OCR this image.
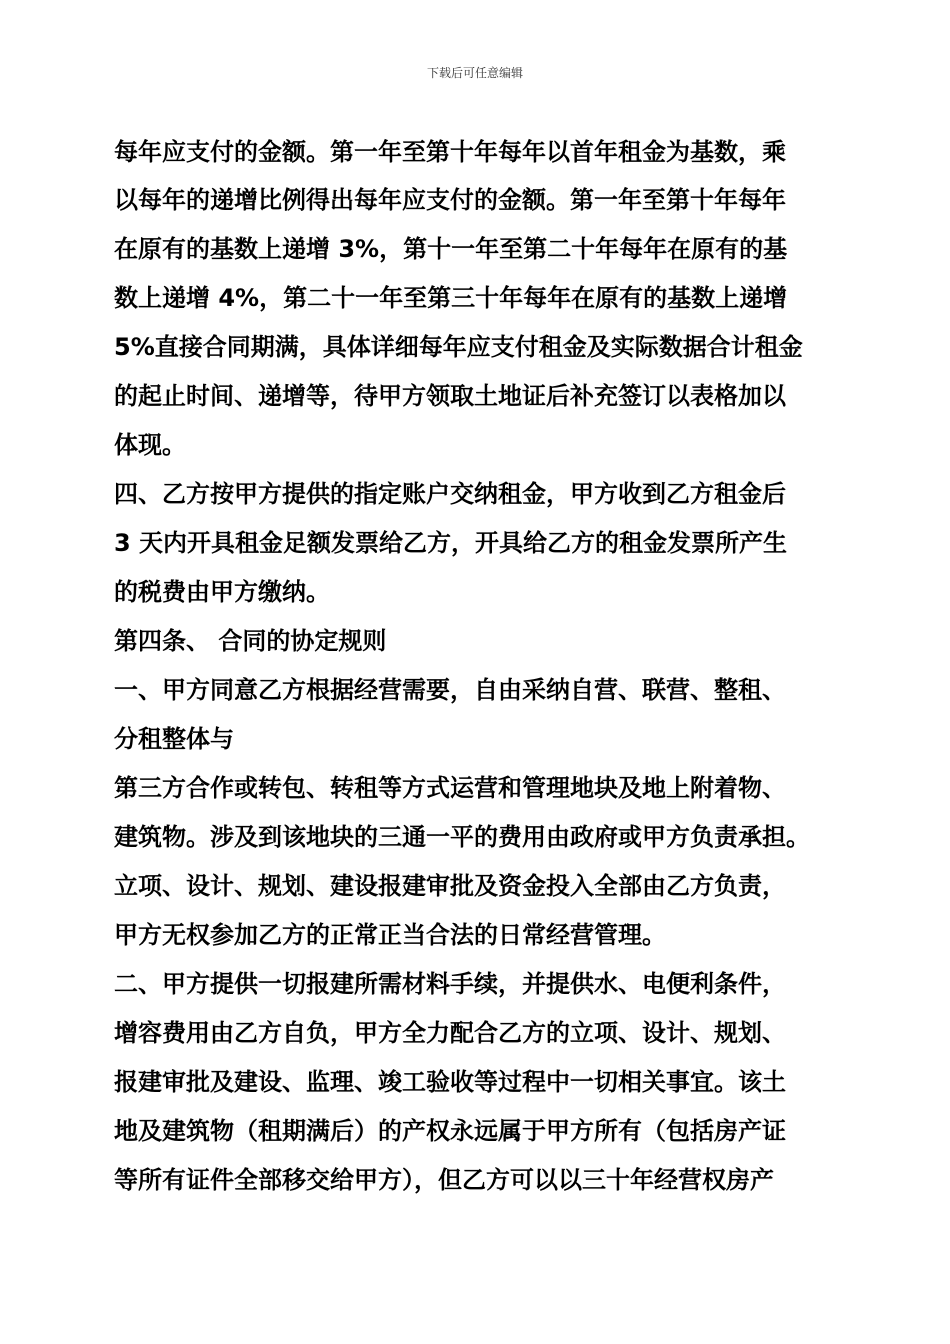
下载后可任意编辑
每年应支付的金额。第一年至第十年每年以首年租金为基数，乘
以每年的递增比例得出每年应支付的金额。第一年至第十年每年
在原有的基数上递增 3%，第十一年至第二十年每年在原有的基
数上递增 4%，第二十一年至第三十年每年在原有的基数上递增
5%直接合同期满，具体详细每年应支付租金及实际数据合计租金
的起止时间、递增等，待甲方领取土地证后补充签订以表格加以
体现。
四、乙方按甲方提供的指定账户交纳租金，甲方收到乙方租金后
3 天内开具租金足额发票给乙方，开具给乙方的租金发票所产生
的税费由甲方缴纳。
第四条、 合同的协定规则
一、甲方同意乙方根据经营需要，自由采纳自营、联营、整租、
分租整体与
第三方合作或转包、转租等方式运营和管理地块及地上附着物、
建筑物。涉及到该地块的三通一平的费用由政府或甲方负责承担。
立项、设计、规划、建设报建审批及资金投入全部由乙方负责，
甲方无权参加乙方的正常正当合法的日常经营管理。
二、甲方提供一切报建所需材料手续，并提供水、电便利条件，
增容费用由乙方自负，甲方全力配合乙方的立项、设计、规划、
报建审批及建设、监理、竣工验收等过程中一切相关事宜。该土
地及建筑物（租期满后）的产权永远属于甲方所有（包括房产证
等所有证件全部移交给甲方），但乙方可以以三十年经营权房产
